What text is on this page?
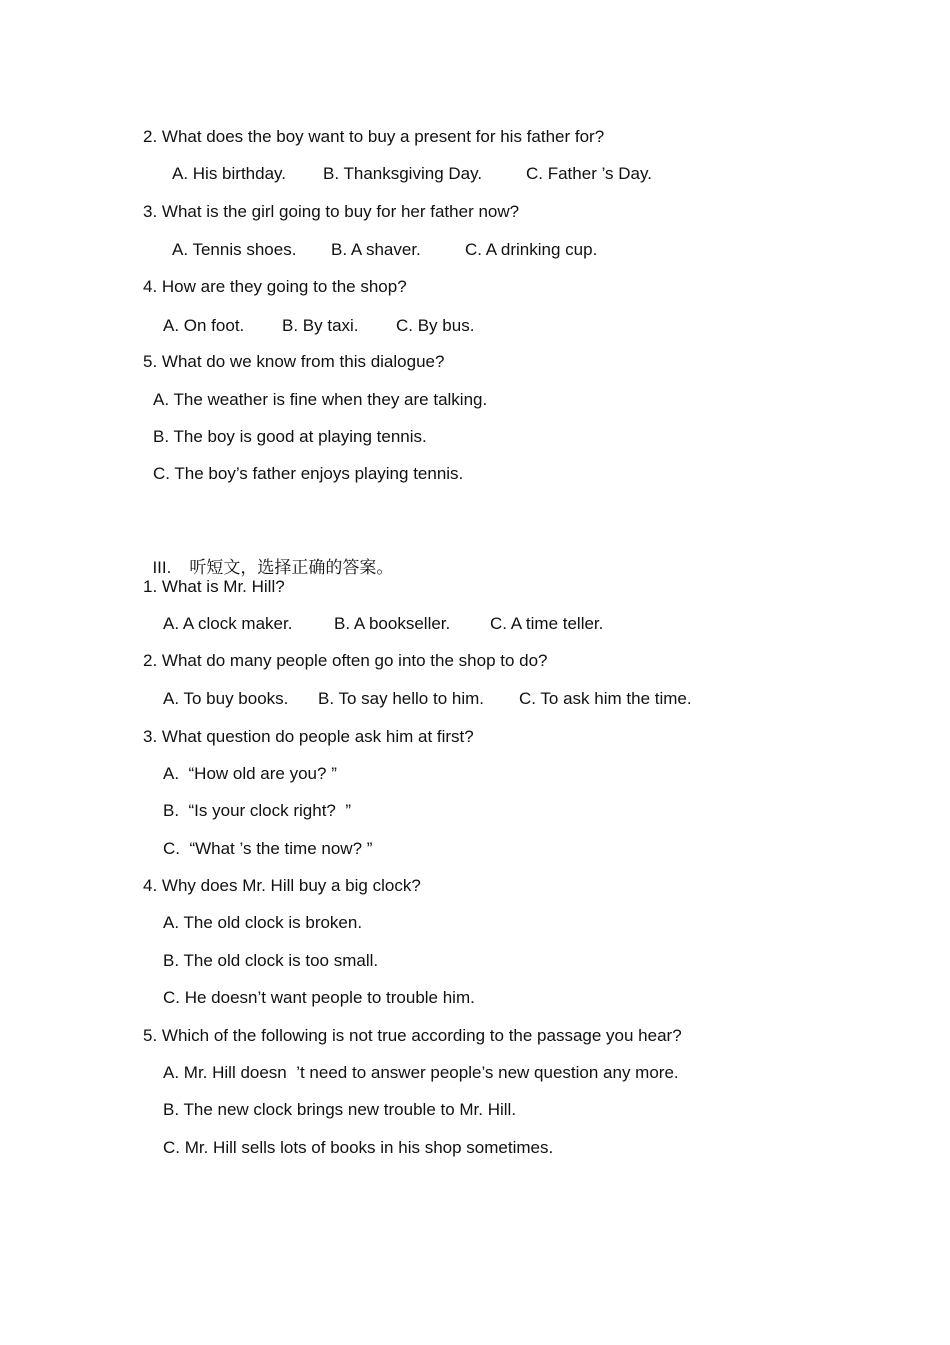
2. What does the boy want to buy a present for his father for?
A. His birthday. B. Thanksgiving Day.	C. Father ’s Day.
3. What is the girl going to buy for her father now?
A. Tennis shoes. B. A shaver.	C. A drinking cup.
4. How are they going to the shop?
A. On foot. B. By taxi. C. By bus.
5. What do we know from this dialogue?
A. The weather is fine when they are talking.
B. The boy is good at playing tennis.
C. The boy’s father enjoys playing tennis.

III. 听短文，选择正确的答案。

1. What is Mr. Hill?
A. A clock maker. B. A bookseller. C. A time teller.
2. What do many people often go into the shop to do?
A. To buy books. B. To say hello to him. C. To ask him the time.
3. What question do people ask him at first?
A.  “How old are you? ”
B.  “Is your clock right?  ”
C.  “What ’s the time now? ”
4. Why does Mr. Hill buy a big clock?
A. The old clock is broken.
B. The old clock is too small.
C. He doesn’t want people to trouble him.
5. Which of the following is not true according to the passage you hear?
A. Mr. Hill doesn  ’t need to answer people’s new question any more.
B. The new clock brings new trouble to Mr. Hill.
C. Mr. Hill sells lots of books in his shop sometimes.
